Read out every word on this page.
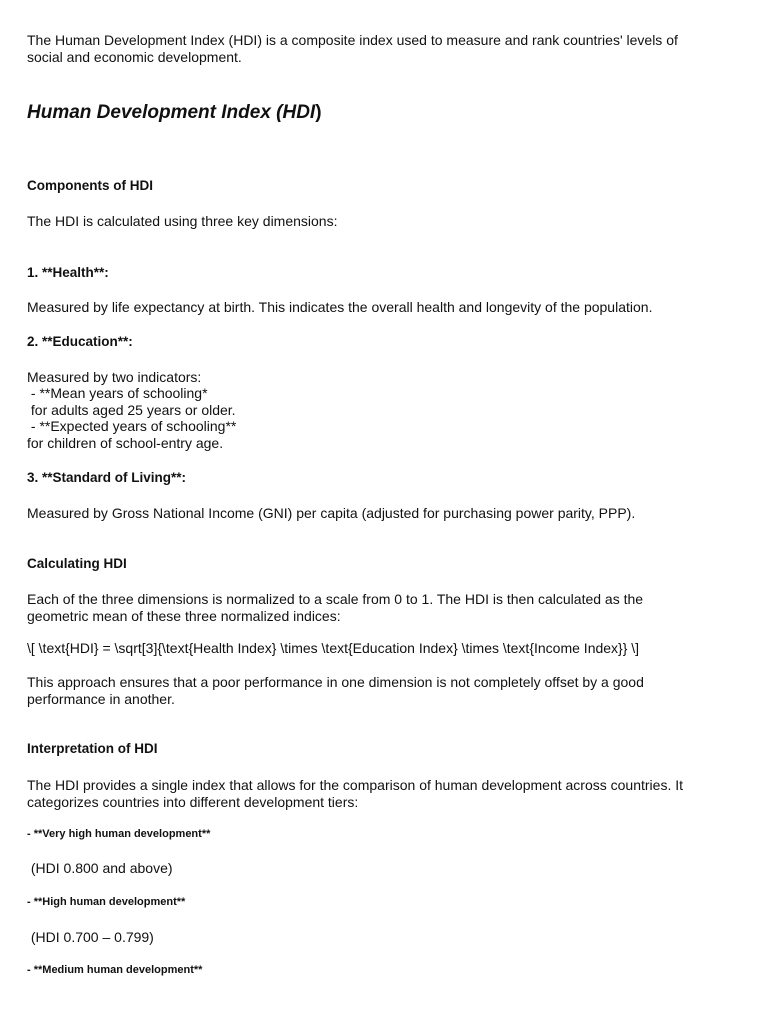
The Human Development Index (HDI) is a composite index used to measure and rank countries' levels of

social and economic development.

Human Development Index (HDI)
Components of HDI

The HDI is calculated using three key dimensions:

1. **Health**:

Measured by life expectancy at birth. This indicates the overall health and longevity of the population.

2. **Education**:

Measured by two indicators:

- **Mean years of schooling*

for adults aged 25 years or older.

- **Expected years of schooling**

for children of school-entry age.

3. **Standard of Living**:

Measured by Gross National Income (GNI) per capita (adjusted for purchasing power parity, PPP).

Calculating HDI

Each of the three dimensions is normalized to a scale from 0 to 1. The HDI is then calculated as the

geometric mean of these three normalized indices:

\[ \text{HDI} = \sqrt[3]{\text{Health Index} \times \text{Education Index} \times \text{Income Index}} \]

This approach ensures that a poor performance in one dimension is not completely offset by a good

performance in another.

Interpretation of HDI

The HDI provides a single index that allows for the comparison of human development across countries. It

categorizes countries into different development tiers:

- **Very high human development**

(HDI 0.800 and above)

- **High human development**

(HDI 0.700 – 0.799)

- **Medium human development**
